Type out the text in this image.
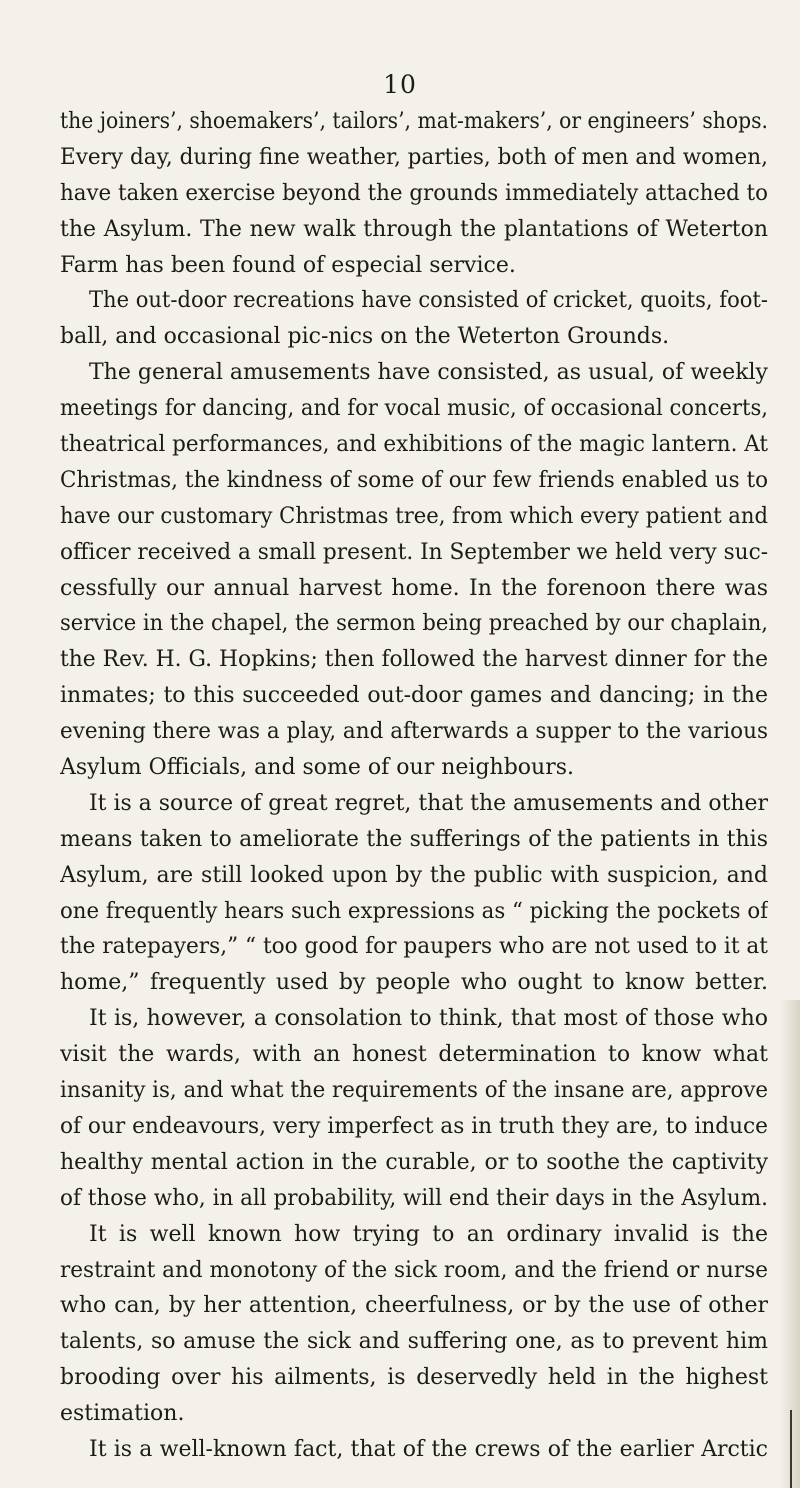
10
the joiners’, shoemakers’, tailors’, mat-makers’, or engineers’ shops.
Every day, during fine weather, parties, both of men and women,
have taken exercise beyond the grounds immediately attached to
the Asylum. The new walk through the plantations of Weterton
Farm has been found of especial service.
The out-door recreations have consisted of cricket, quoits, foot-
ball, and occasional pic-nics on the Weterton Grounds.
The general amusements have consisted, as usual, of weekly
meetings for dancing, and for vocal music, of occasional concerts,
theatrical performances, and exhibitions of the magic lantern. At
Christmas, the kindness of some of our few friends enabled us to
have our customary Christmas tree, from which every patient and
officer received a small present. In September we held very suc-
cessfully our annual harvest home. In the forenoon there was
service in the chapel, the sermon being preached by our chaplain,
the Rev. H. G. Hopkins; then followed the harvest dinner for the
inmates; to this succeeded out-door games and dancing; in the
evening there was a play, and afterwards a supper to the various
Asylum Officials, and some of our neighbours.
It is a source of great regret, that the amusements and other
means taken to ameliorate the sufferings of the patients in this
Asylum, are still looked upon by the public with suspicion, and
one frequently hears such expressions as “ picking the pockets of
the ratepayers,” “ too good for paupers who are not used to it at
home,” frequently used by people who ought to know better.
It is, however, a consolation to think, that most of those who
visit the wards, with an honest determination to know what
insanity is, and what the requirements of the insane are, approve
of our endeavours, very imperfect as in truth they are, to induce
healthy mental action in the curable, or to soothe the captivity
of those who, in all probability, will end their days in the Asylum.
It is well known how trying to an ordinary invalid is the
restraint and monotony of the sick room, and the friend or nurse
who can, by her attention, cheerfulness, or by the use of other
talents, so amuse the sick and suffering one, as to prevent him
brooding over his ailments, is deservedly held in the highest
estimation.
It is a well-known fact, that of the crews of the earlier Arctic
